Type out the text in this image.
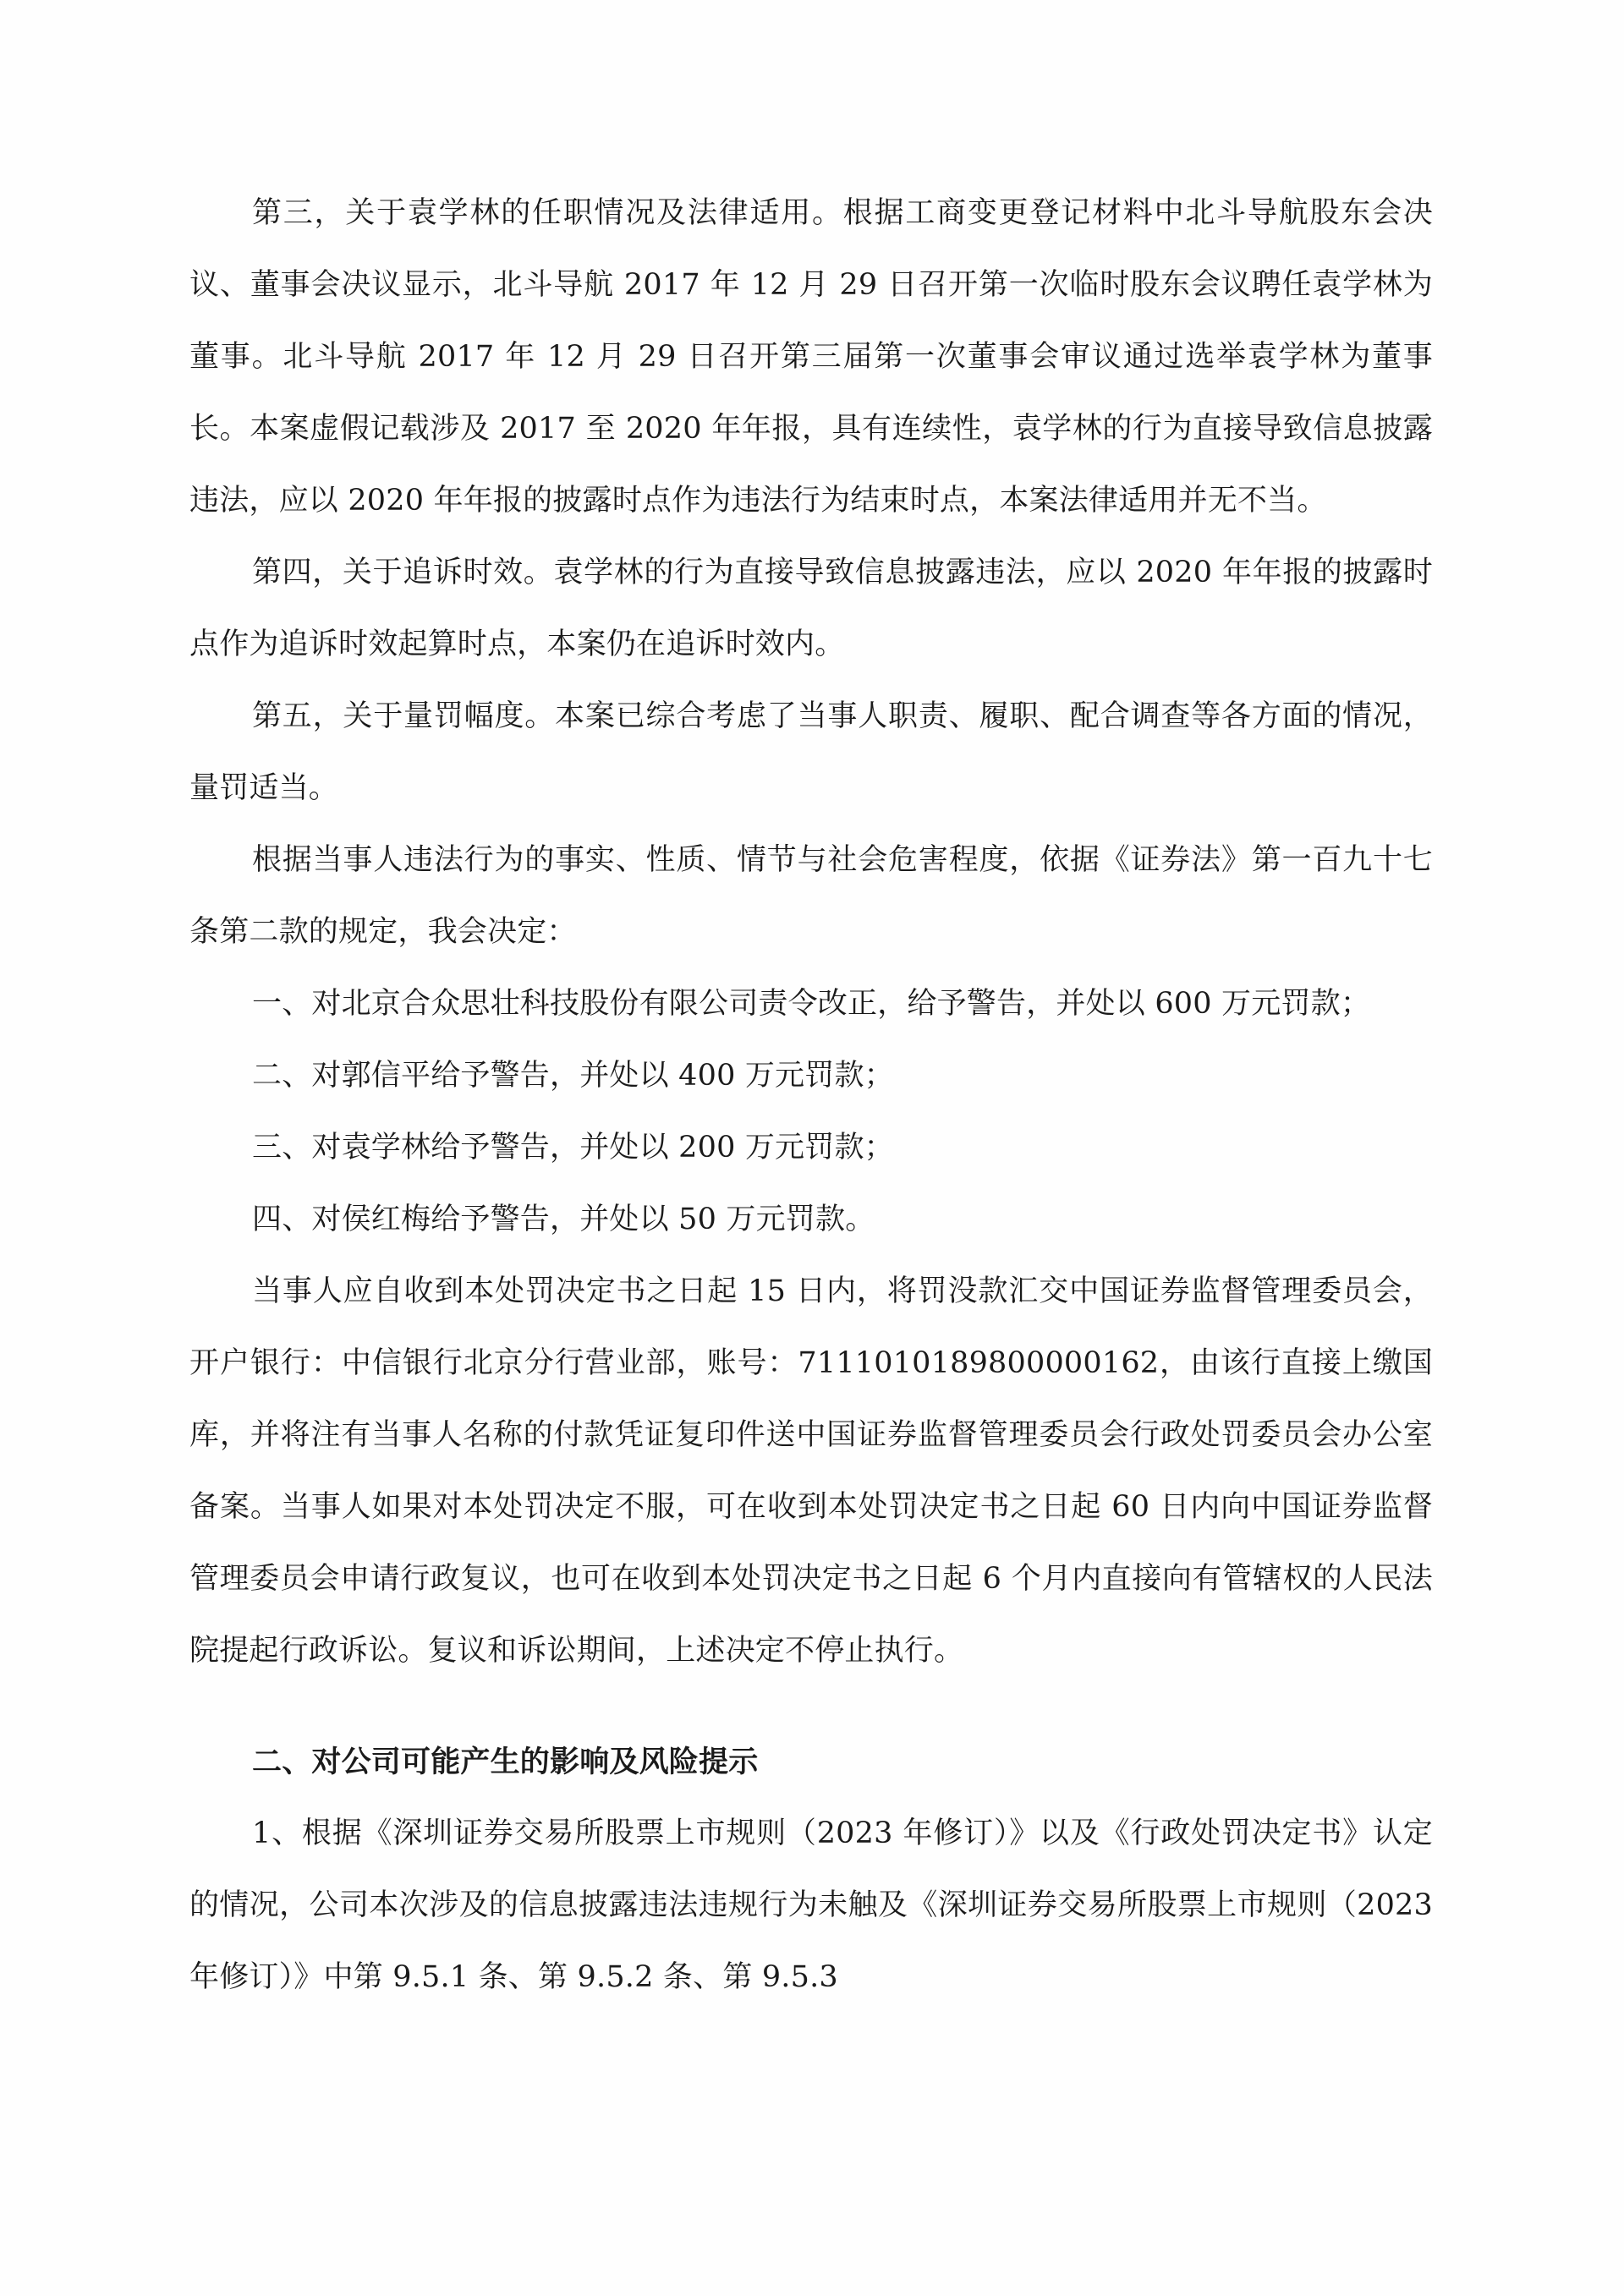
第三，关于袁学林的任职情况及法律适用。根据工商变更登记材料中北斗导航股东会决议、董事会决议显示，北斗导航 2017 年 12 月 29 日召开第一次临时股东会议聘任袁学林为董事。北斗导航 2017 年 12 月 29 日召开第三届第一次董事会审议通过选举袁学林为董事长。本案虚假记载涉及 2017 至 2020 年年报，具有连续性，袁学林的行为直接导致信息披露违法，应以 2020 年年报的披露时点作为违法行为结束时点，本案法律适用并无不当。

第四，关于追诉时效。袁学林的行为直接导致信息披露违法，应以 2020 年年报的披露时点作为追诉时效起算时点，本案仍在追诉时效内。

第五，关于量罚幅度。本案已综合考虑了当事人职责、履职、配合调查等各方面的情况，量罚适当。

根据当事人违法行为的事实、性质、情节与社会危害程度，依据《证券法》第一百九十七条第二款的规定，我会决定：

一、对北京合众思壮科技股份有限公司责令改正，给予警告，并处以 600 万元罚款；

二、对郭信平给予警告，并处以 400 万元罚款；

三、对袁学林给予警告，并处以 200 万元罚款；

四、对侯红梅给予警告，并处以 50 万元罚款。

当事人应自收到本处罚决定书之日起 15 日内，将罚没款汇交中国证券监督管理委员会，开户银行：中信银行北京分行营业部，账号：7111010189800000162，由该行直接上缴国库，并将注有当事人名称的付款凭证复印件送中国证券监督管理委员会行政处罚委员会办公室备案。当事人如果对本处罚决定不服，可在收到本处罚决定书之日起 60 日内向中国证券监督管理委员会申请行政复议，也可在收到本处罚决定书之日起 6 个月内直接向有管辖权的人民法院提起行政诉讼。复议和诉讼期间，上述决定不停止执行。

二、对公司可能产生的影响及风险提示

1、根据《深圳证券交易所股票上市规则（2023 年修订）》以及《行政处罚决定书》认定的情况，公司本次涉及的信息披露违法违规行为未触及《深圳证券交易所股票上市规则（2023 年修订）》中第 9.5.1 条、第 9.5.2 条、第 9.5.3
